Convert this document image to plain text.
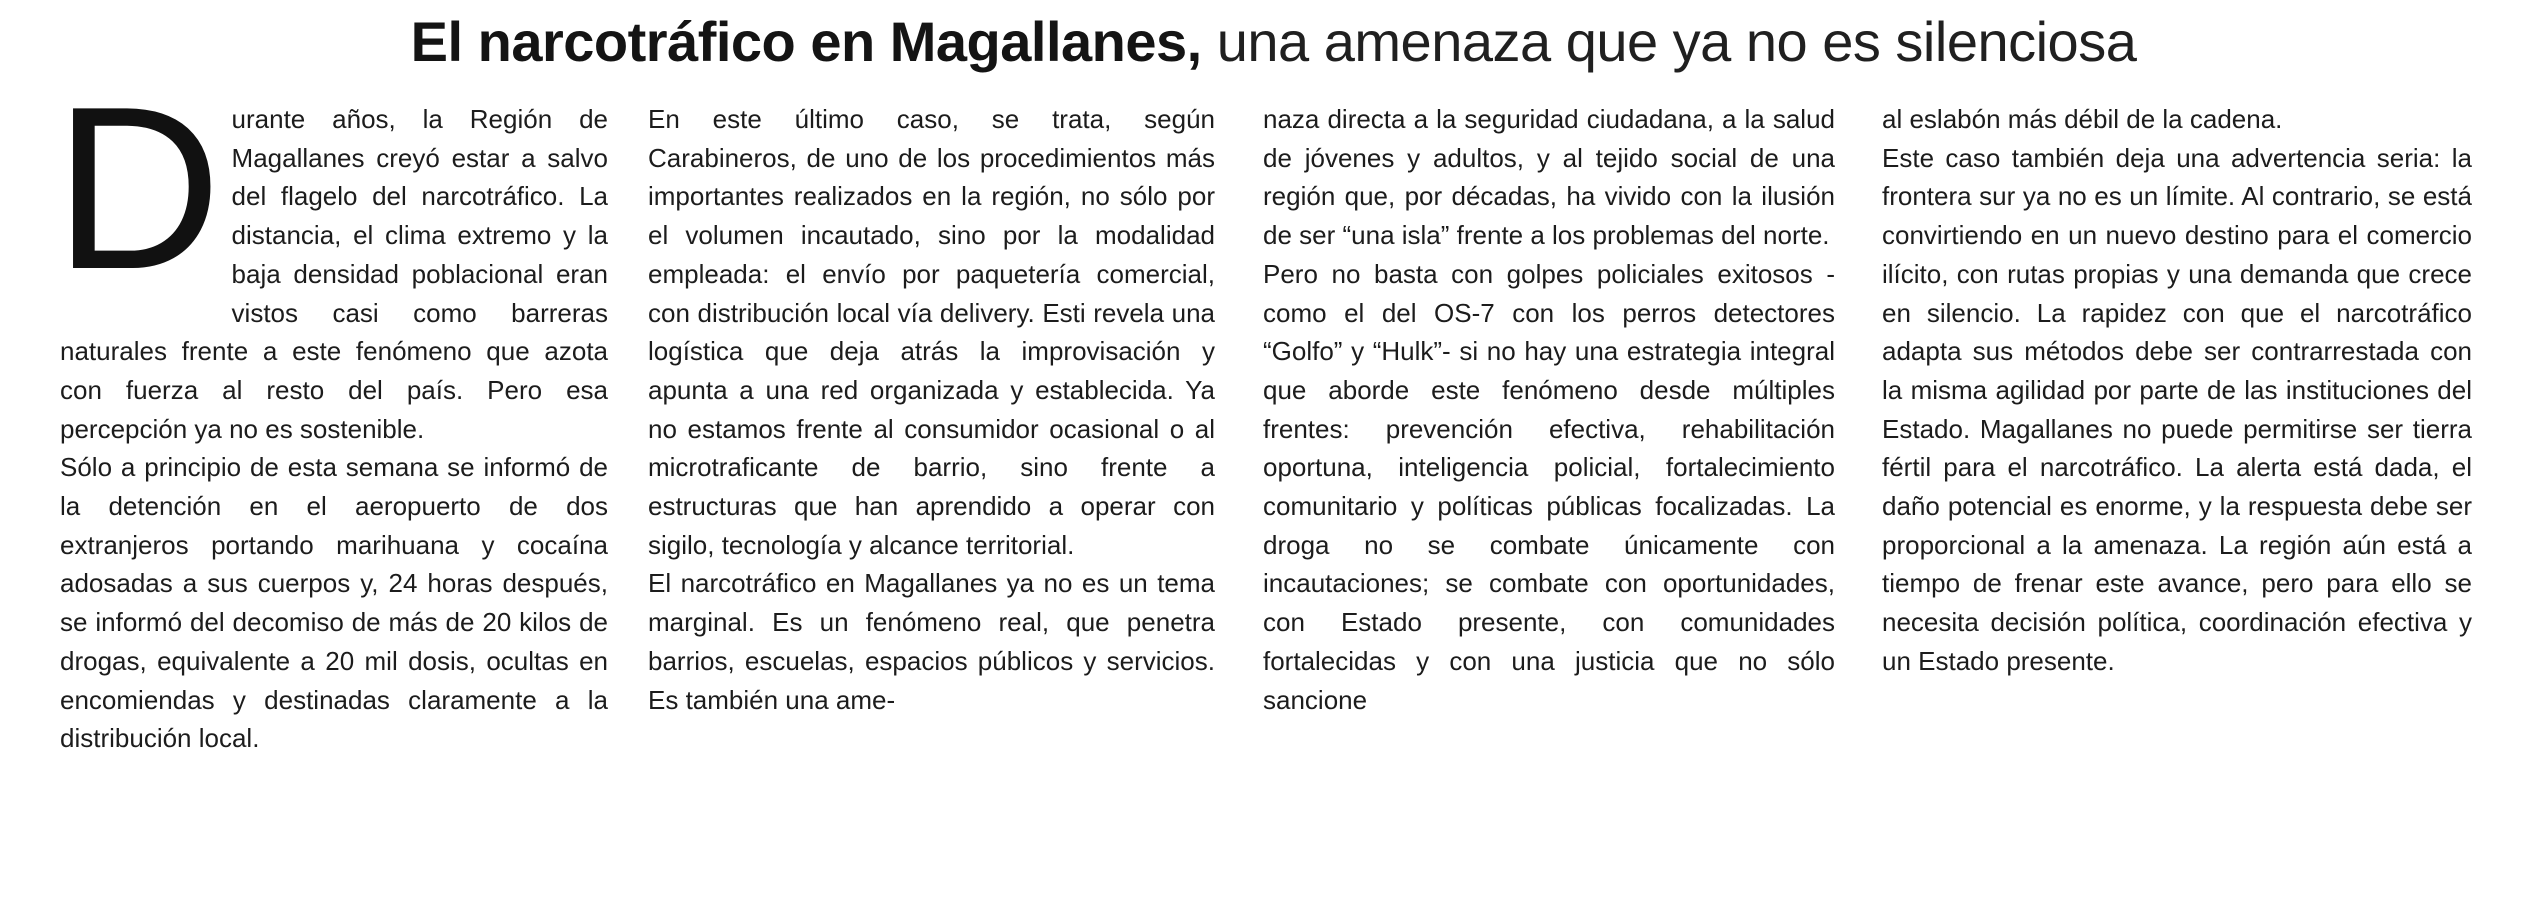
El narcotráfico en Magallanes, una amenaza que ya no es silenciosa
D urante años, la Región de Magallanes creyó estar a salvo del flagelo del narcotráfico. La distancia, el clima extremo y la baja densidad poblacional eran vistos casi como barreras naturales frente a este fenómeno que azota con fuerza al resto del país. Pero esa percepción ya no es sostenible.

Sólo a principio de esta semana se informó de la detención en el aeropuerto de dos extranjeros portando marihuana y cocaína adosadas a sus cuerpos y, 24 horas después, se informó del decomiso de más de 20 kilos de drogas, equivalente a 20 mil dosis, ocultas en encomiendas y destinadas claramente a la distribución local.

En este último caso, se trata, según Carabineros, de uno de los procedimientos más importantes realizados en la región, no sólo por el volumen incautado, sino por la modalidad empleada: el envío por paquetería comercial, con distribución local vía delivery. Esti revela una logística que deja atrás la improvisación y apunta a una red organizada y establecida. Ya no estamos frente al consumidor ocasional o al microtraficante de barrio, sino frente a estructuras que han aprendido a operar con sigilo, tecnología y alcance territorial.

El narcotráfico en Magallanes ya no es un tema marginal. Es un fenómeno real, que penetra barrios, escuelas, espacios públicos y servicios. Es también una ame-

naza directa a la seguridad ciudadana, a la salud de jóvenes y adultos, y al tejido social de una región que, por décadas, ha vivido con la ilusión de ser “una isla” frente a los problemas del norte.

Pero no basta con golpes policiales exitosos -como el del OS-7 con los perros detectores “Golfo” y “Hulk”- si no hay una estrategia integral que aborde este fenómeno desde múltiples frentes: prevención efectiva, rehabilitación oportuna, inteligencia policial, fortalecimiento comunitario y políticas públicas focalizadas. La droga no se combate únicamente con incautaciones; se combate con oportunidades, con Estado presente, con comunidades fortalecidas y con una justicia que no sólo sancione

al eslabón más débil de la cadena.

Este caso también deja una advertencia seria: la frontera sur ya no es un límite. Al contrario, se está convirtiendo en un nuevo destino para el comercio ilícito, con rutas propias y una demanda que crece en silencio. La rapidez con que el narcotráfico adapta sus métodos debe ser contrarrestada con la misma agilidad por parte de las instituciones del Estado. Magallanes no puede permitirse ser tierra fértil para el narcotráfico. La alerta está dada, el daño potencial es enorme, y la respuesta debe ser proporcional a la amenaza. La región aún está a tiempo de frenar este avance, pero para ello se necesita decisión política, coordinación efectiva y un Estado presente.
